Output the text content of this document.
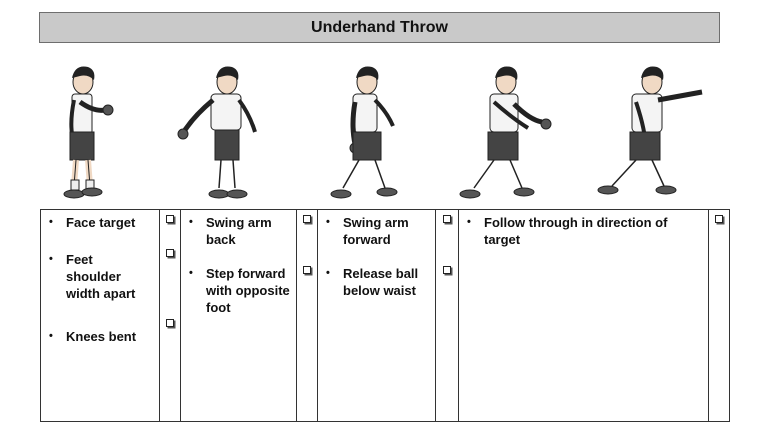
Underhand Throw
•	Face target
•	Feet shoulder width apart
•	Knees bent
•	Swing arm back
•	Step forward with opposite foot
•	Swing arm forward
•	Release ball below waist
•	Follow through in direction of target
